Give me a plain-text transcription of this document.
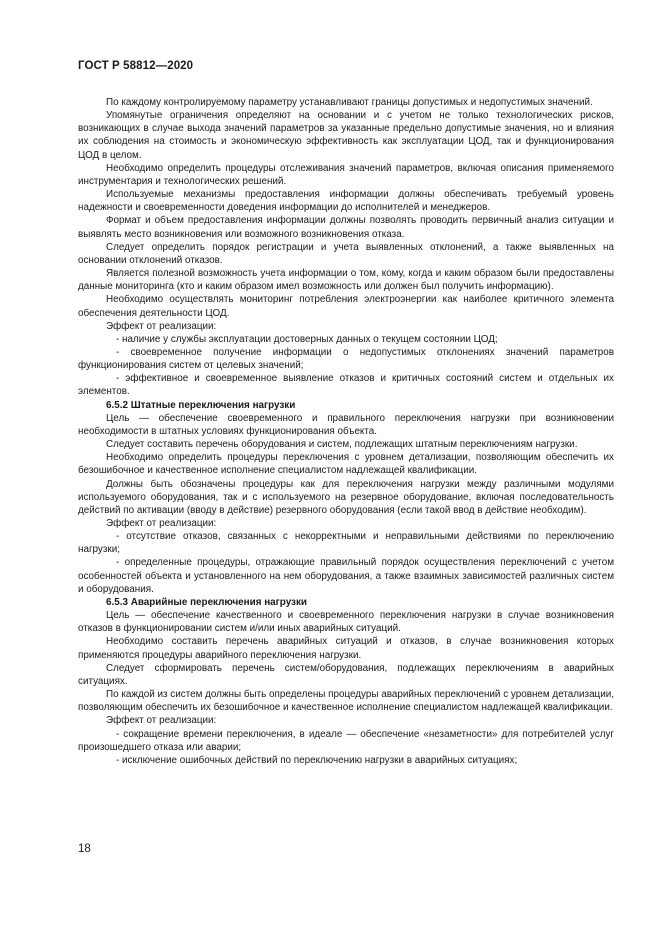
ГОСТ Р 58812—2020

По каждому контролируемому параметру устанавливают границы допустимых и недопустимых значений.

Упомянутые ограничения определяют на основании и с учетом не только технологических рисков, возникающих в случае выхода значений параметров за указанные предельно допустимые значения, но и влияния их соблюдения на стоимость и экономическую эффективность как эксплуатации ЦОД, так и функционирования ЦОД в целом.

Необходимо определить процедуры отслеживания значений параметров, включая описания применяемого инструментария и технологических решений.

Используемые механизмы предоставления информации должны обеспечивать требуемый уровень надежности и своевременности доведения информации до исполнителей и менеджеров.

Формат и объем предоставления информации должны позволять проводить первичный анализ ситуации и выявлять место возникновения или возможного возникновения отказа.

Следует определить порядок регистрации и учета выявленных отклонений, а также выявленных на основании отклонений отказов.

Является полезной возможность учета информации о том, кому, когда и каким образом были предоставлены данные мониторинга (кто и каким образом имел возможность или должен был получить информацию).

Необходимо осуществлять мониторинг потребления электроэнергии как наиболее критичного элемента обеспечения деятельности ЦОД.

Эффект от реализации:

- наличие у службы эксплуатации достоверных данных о текущем состоянии ЦОД;

- своевременное получение информации о недопустимых отклонениях значений параметров функционирования систем от целевых значений;

- эффективное и своевременное выявление отказов и критичных состояний систем и отдельных их элементов.

6.5.2 Штатные переключения нагрузки

Цель — обеспечение своевременного и правильного переключения нагрузки при возникновении необходимости в штатных условиях функционирования объекта.

Следует составить перечень оборудования и систем, подлежащих штатным переключениям нагрузки.

Необходимо определить процедуры переключения с уровнем детализации, позволяющим обеспечить их безошибочное и качественное исполнение специалистом надлежащей квалификации.

Должны быть обозначены процедуры как для переключения нагрузки между различными модулями используемого оборудования, так и с используемого на резервное оборудование, включая последовательность действий по активации (вводу в действие) резервного оборудования (если такой ввод в действие необходим).

Эффект от реализации:

- отсутствие отказов, связанных с некорректными и неправильными действиями по переключению нагрузки;

- определенные процедуры, отражающие правильный порядок осуществления переключений с учетом особенностей объекта и установленного на нем оборудования, а также взаимных зависимостей различных систем и оборудования.

6.5.3 Аварийные переключения нагрузки

Цель — обеспечение качественного и своевременного переключения нагрузки в случае возникновения отказов в функционировании систем и/или иных аварийных ситуаций.

Необходимо составить перечень аварийных ситуаций и отказов, в случае возникновения которых применяются процедуры аварийного переключения нагрузки.

Следует сформировать перечень систем/оборудования, подлежащих переключениям в аварийных ситуациях.

По каждой из систем должны быть определены процедуры аварийных переключений с уровнем детализации, позволяющим обеспечить их безошибочное и качественное исполнение специалистом надлежащей квалификации.

Эффект от реализации:

- сокращение времени переключения, в идеале — обеспечение «незаметности» для потребителей услуг произошедшего отказа или аварии;

- исключение ошибочных действий по переключению нагрузки в аварийных ситуациях;

18
